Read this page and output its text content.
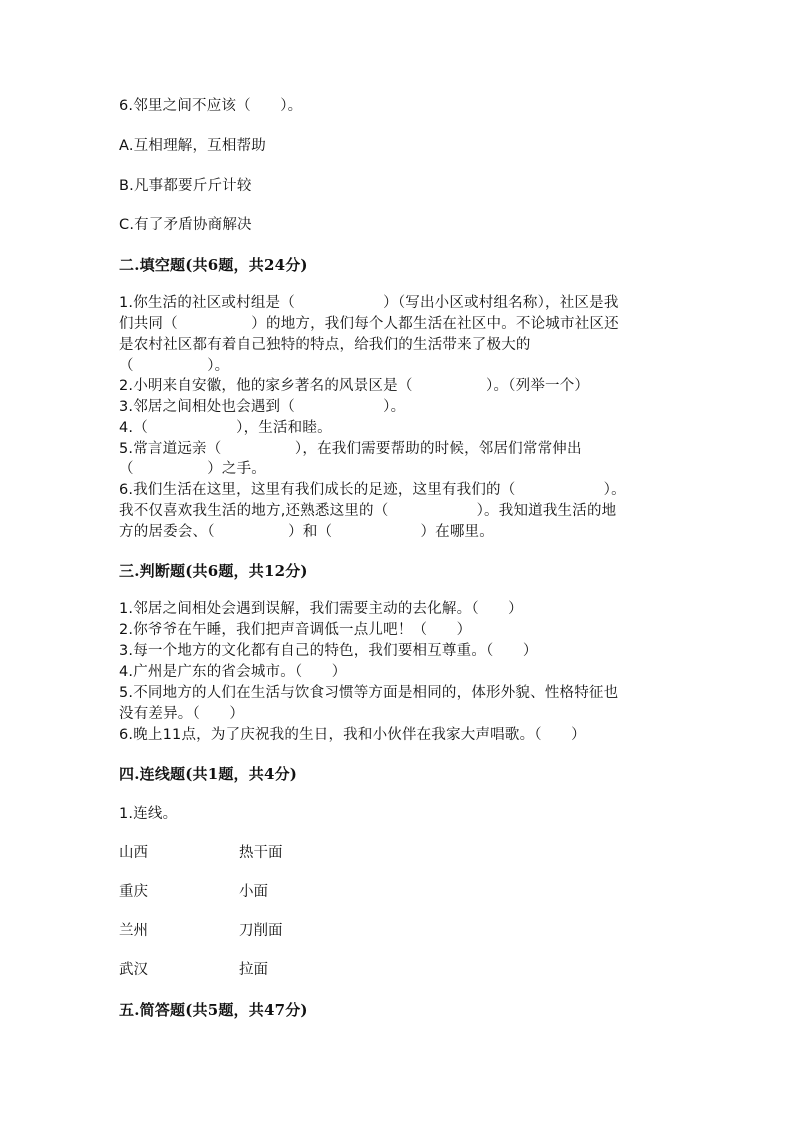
6.邻里之间不应该（　　）。

A.互相理解，互相帮助

B.凡事都要斤斤计较

C.有了矛盾协商解决

二.填空题(共6题，共24分)

1.你生活的社区或村组是（　　　　　　）（写出小区或村组名称），社区是我

们共同（　　　　　）的地方，我们每个人都生活在社区中。不论城市社区还

是农村社区都有着自己独特的特点，给我们的生活带来了极大的

（　　　　　）。

2.小明来自安徽，他的家乡著名的风景区是（　　　　　）。（列举一个）

3.邻居之间相处也会遇到（　　　　　　）。

4.（　　　　　　），生活和睦。

5.常言道远亲（　　　　　），在我们需要帮助的时候，邻居们常常伸出

（　　　　　）之手。

6.我们生活在这里，这里有我们成长的足迹，这里有我们的（　　　　　　）。

我不仅喜欢我生活的地方,还熟悉这里的（　　　　　　）。我知道我生活的地

方的居委会、（　　　　　）和（　　　　　　）在哪里。

三.判断题(共6题，共12分)

1.邻居之间相处会遇到误解，我们需要主动的去化解。（　　）

2.你爷爷在午睡，我们把声音调低一点儿吧！（　　）

3.每一个地方的文化都有自己的特色，我们要相互尊重。（　　）

4.广州是广东的省会城市。（　　）

5.不同地方的人们在生活与饮食习惯等方面是相同的，体形外貌、性格特征也

没有差异。（　　）

6.晚上11点，为了庆祝我的生日，我和小伙伴在我家大声唱歌。（　　）

四.连线题(共1题，共4分)

1.连线。

山西	热干面

重庆	小面

兰州	刀削面

武汉	拉面

五.简答题(共5题，共47分)
